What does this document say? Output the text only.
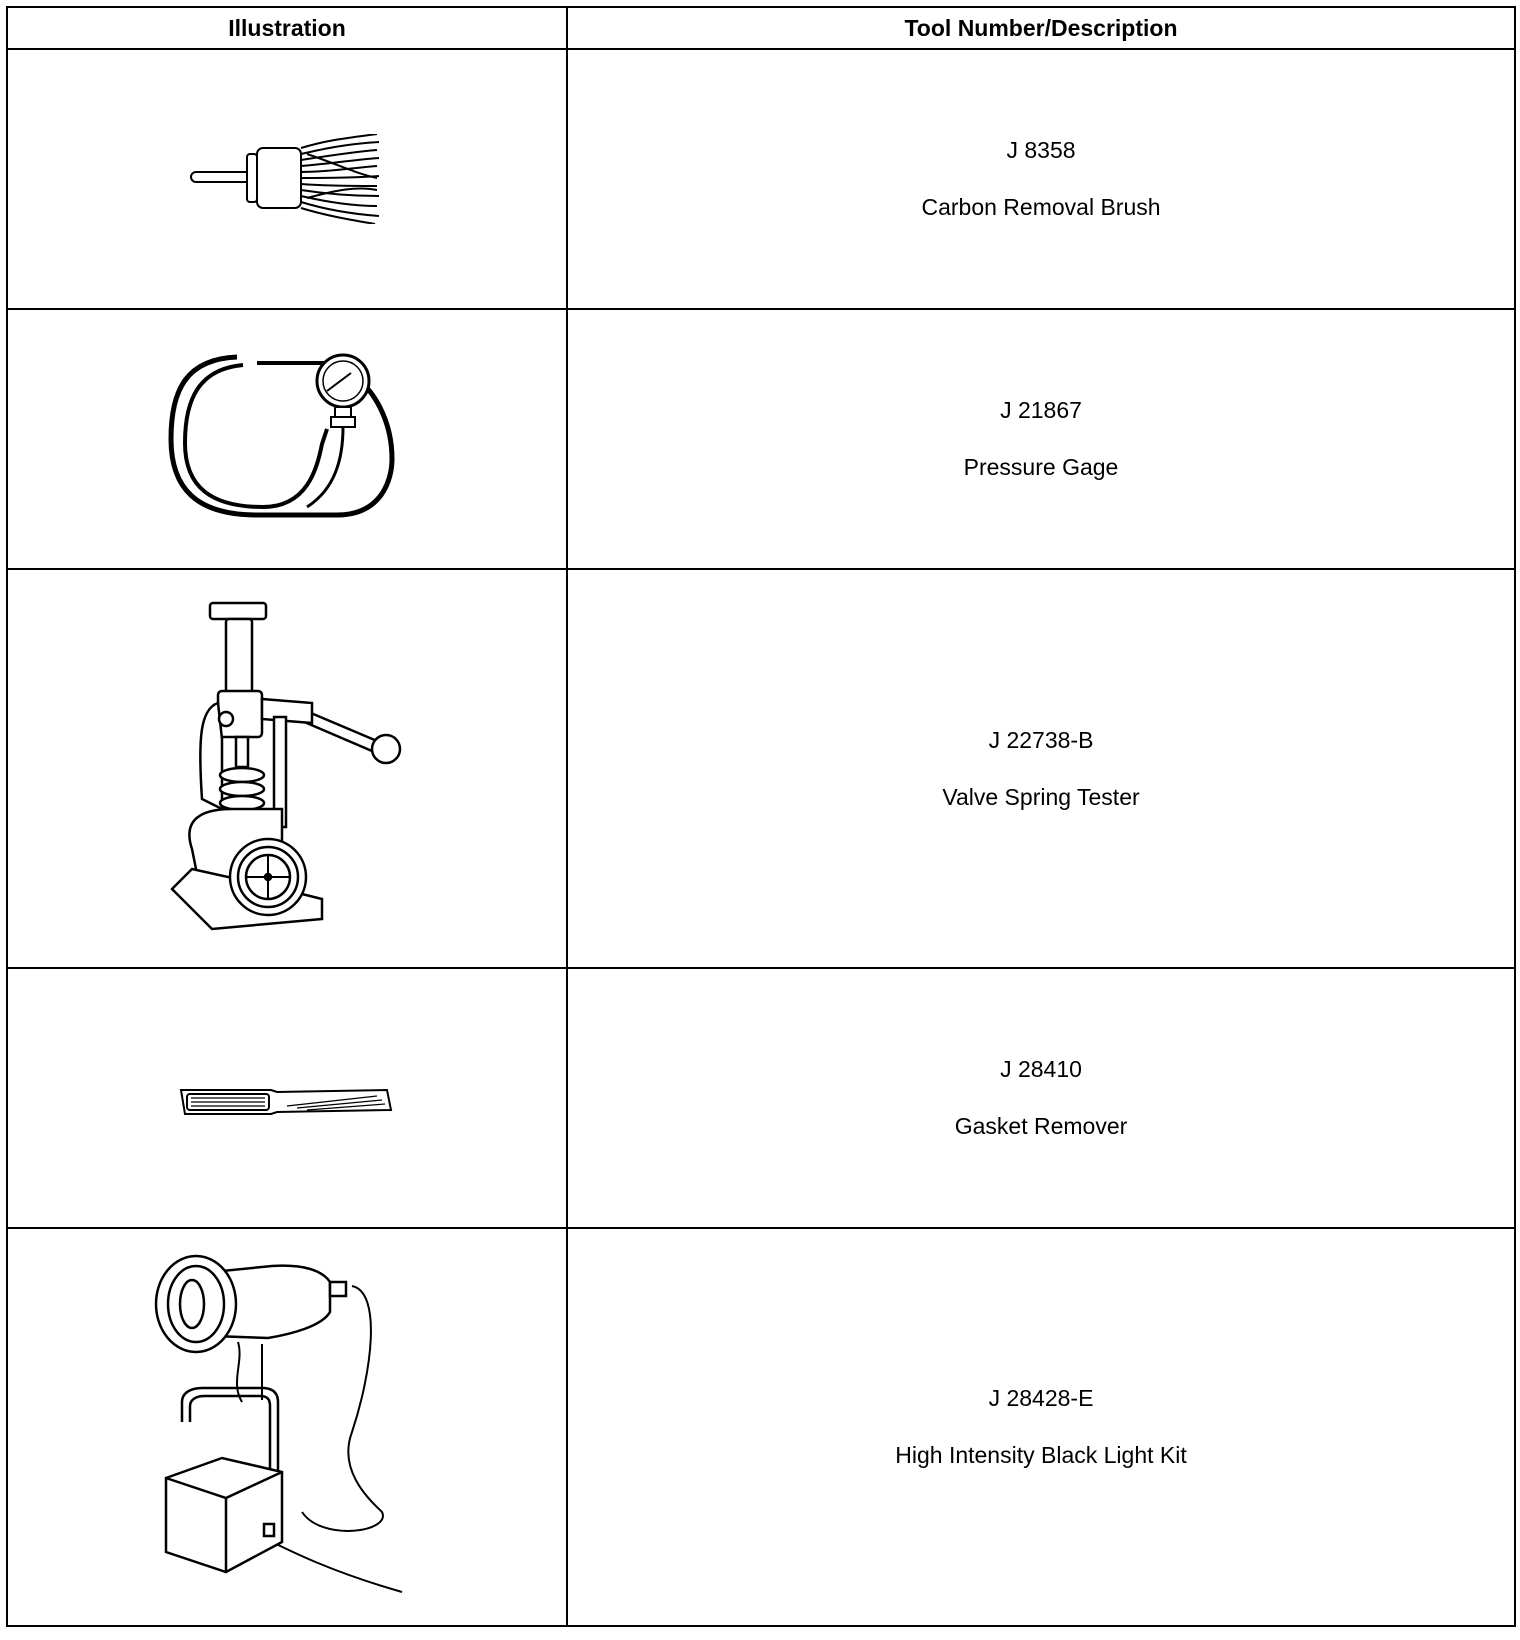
Illustration	Tool Number/Description

J 8358
Carbon Removal Brush

J 21867
Pressure Gage

J 22738-B
Valve Spring Tester

J 28410
Gasket Remover

J 28428-E
High Intensity Black Light Kit
